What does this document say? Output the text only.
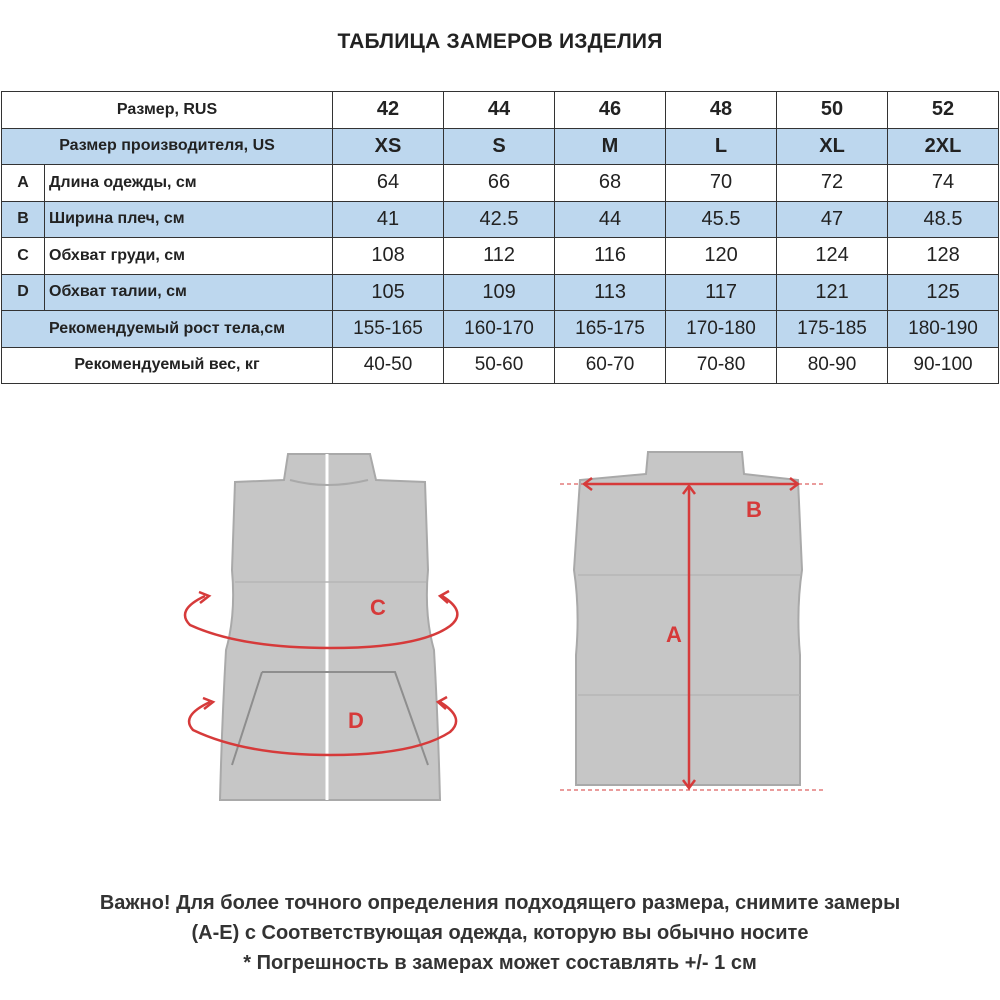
ТАБЛИЦА ЗАМЕРОВ ИЗДЕЛИЯ
Размер, RUS		42	44	46	48	50	52
Размер производителя, US		XS	S	M	L	XL	2XL
A	Длина одежды, см	64	66	68	70	72	74
B	Ширина плеч, см	41	42.5	44	45.5	47	48.5
C	Обхват груди, см	108	112	116	120	124	128
D	Обхват талии, см	105	109	113	117	121	125
Рекомендуемый рост тела,см		155-165	160-170	165-175	170-180	175-185	180-190
Рекомендуемый вес, кг		40-50	50-60	60-70	70-80	80-90	90-100
C
D
B
A
Важно! Для более точного определения подходящего размера, снимите замеры
(A-E) с Соответствующая одежда, которую вы обычно носите
* Погрешность в замерах может составлять +/- 1 см
